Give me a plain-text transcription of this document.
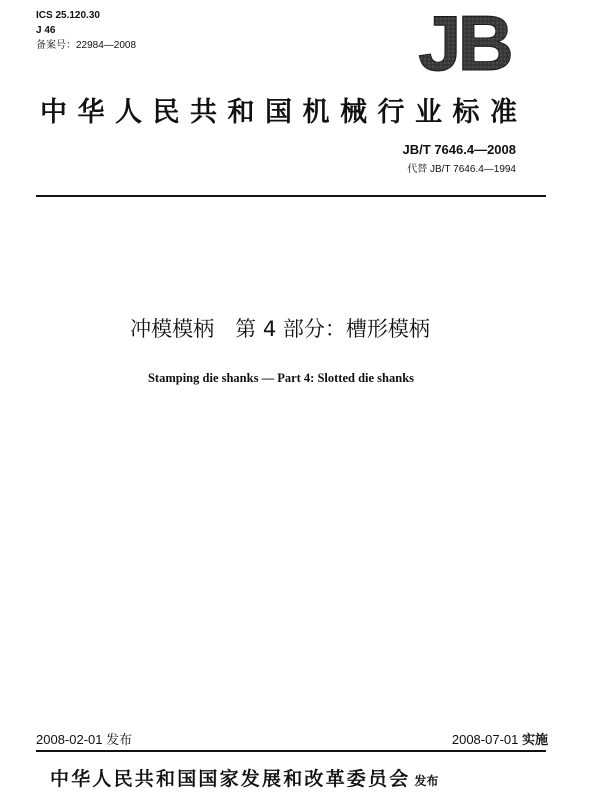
ICS 25.120.30
J 46
备案号：22984—2008	JB
中华人民共和国机械行业标准
JB/T 7646.4—2008
代替 JB/T 7646.4—1994
冲模模柄　第 4 部分：槽形模柄
Stamping die shanks — Part 4: Slotted die shanks
2008-02-01 发布	2008-07-01 实施
中华人民共和国国家发展和改革委员会 发布
